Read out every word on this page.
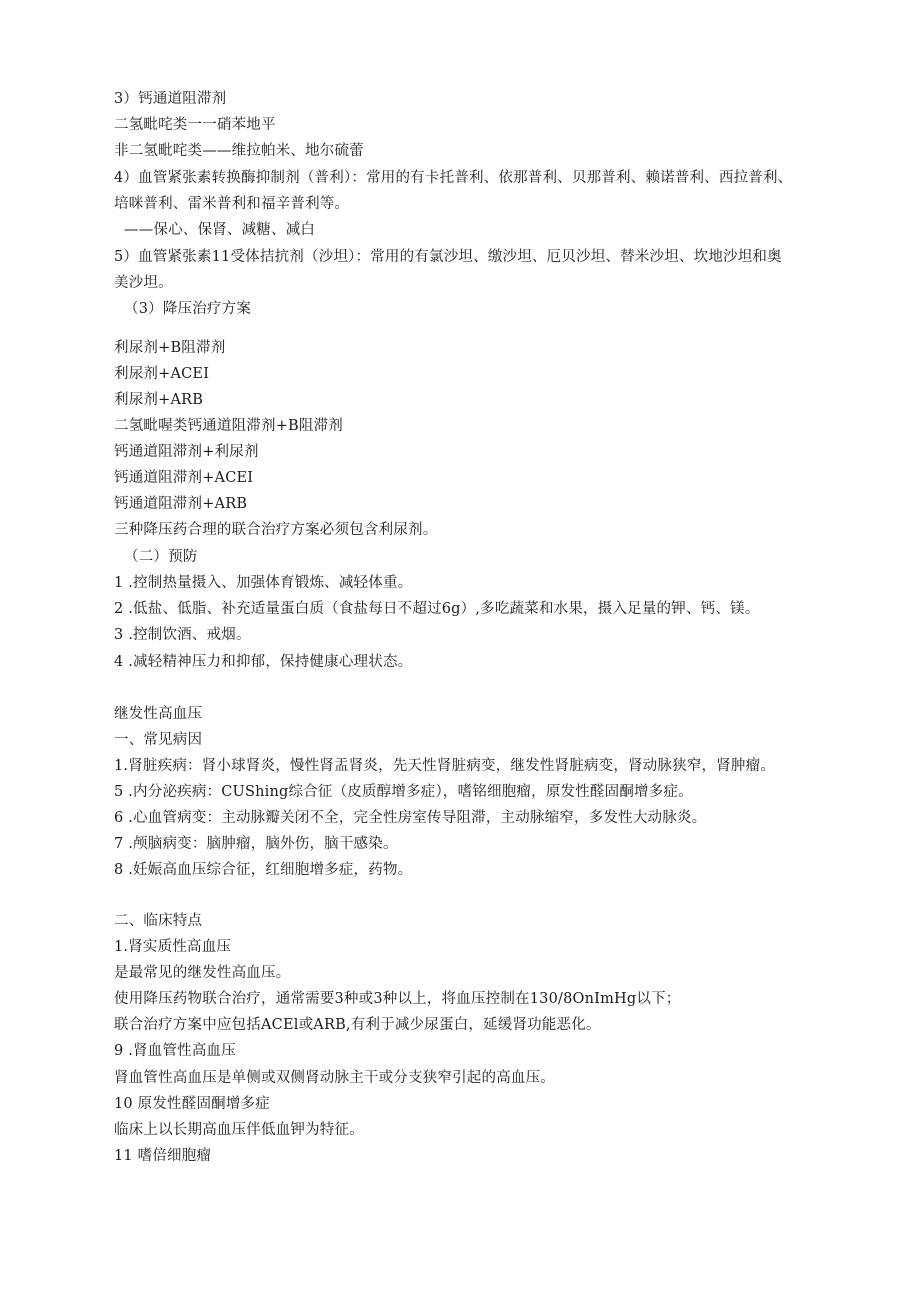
3）钙通道阻滞剂
二氢毗咤类一一硝苯地平
非二氢毗咤类——维拉帕米、地尔硫蕾
4）血管紧张素转换酶抑制剂（普利）：常用的有卡托普利、依那普利、贝那普利、赖诺普利、西拉普利、
培咪普利、雷米普利和福辛普利等。
——保心、保肾、减糖、减白
5）血管紧张素11受体拮抗剂（沙坦）：常用的有氯沙坦、缴沙坦、厄贝沙坦、替米沙坦、坎地沙坦和奥
美沙坦。
（3）降压治疗方案
利尿剂+B阻滞剂
利尿剂+ACEI
利尿剂+ARB
二氢毗喔类钙通道阻滞剂+B阻滞剂
钙通道阻滞剂+利尿剂
钙通道阻滞剂+ACEI
钙通道阻滞剂+ARB
三种降压药合理的联合治疗方案必须包含利尿剂。
（二）预防
1 .控制热量摄入、加强体育锻炼、减轻体重。
2 .低盐、低脂、补充适量蛋白质（食盐每日不超过6g）,多吃蔬菜和水果，摄入足量的钾、钙、镁。
3 .控制饮酒、戒烟。
4 .减轻精神压力和抑郁，保持健康心理状态。
继发性高血压
一、常见病因
1.肾脏疾病：肾小球肾炎，慢性肾盂肾炎，先天性肾脏病变，继发性肾脏病变，肾动脉狭窄，肾肿瘤。
5 .内分泌疾病：CUShing综合征（皮质醇增多症），嗜铭细胞瘤，原发性醛固酮增多症。
6 .心血管病变：主动脉瓣关闭不全，完全性房室传导阻滞，主动脉缩窄，多发性大动脉炎。
7 .颅脑病变：脑肿瘤，脑外伤，脑干感染。
8 .妊娠高血压综合征，红细胞增多症，药物。
二、临床特点
1.肾实质性高血压
是最常见的继发性高血压。
使用降压药物联合治疗，通常需要3种或3种以上，将血压控制在130/8OnImHg以下；
联合治疗方案中应包括ACEl或ARB,有利于减少尿蛋白，延缓肾功能恶化。
9 .肾血管性高血压
肾血管性高血压是单侧或双侧肾动脉主干或分支狭窄引起的高血压。
10 原发性醛固酮增多症
临床上以长期高血压伴低血钾为特征。
11 嗜倍细胞瘤
